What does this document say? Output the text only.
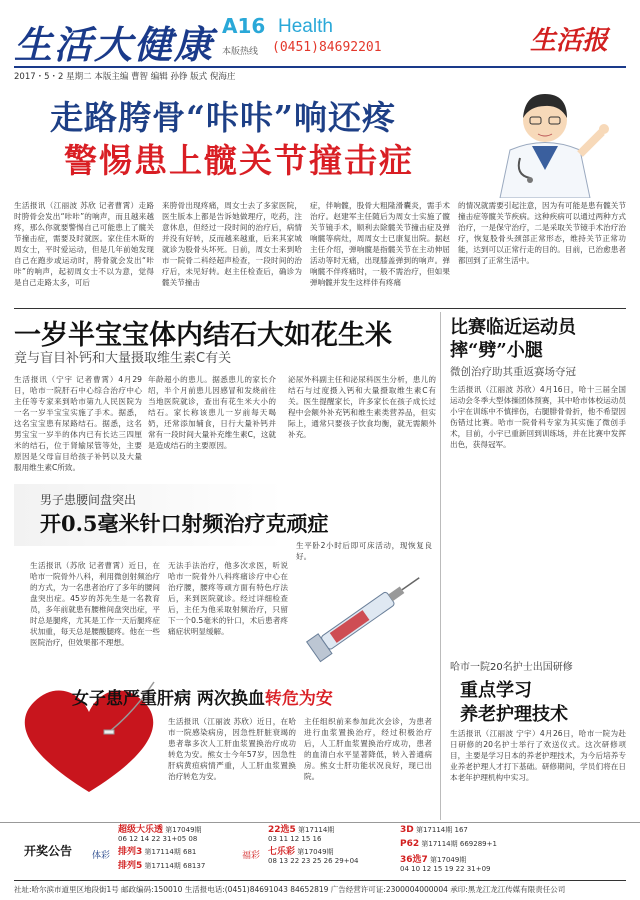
生活大健康 A16 Health
本版热线 (0451)84692201	生活报
2017・5・2 星期二 本版主编 曹智 编辑 孙铮 版式 倪海庄
走路胯骨“咔咔”响还疼
警惕患上髋关节撞击症
生活报讯（江丽波 苏欣 记者曹霄）走路时胯骨会发出“咔咔”的响声，而且越来越疼，那么你就要警惕自己可能患上了髋关节撞击症，需要及时就医。家住佳木斯的周女士，平时爱运动，但是几年前她发现自己在跑步或运动时，胯骨就会发出“咔咔”的响声，起初周女士不以为意，觉得是自己走路太多，可后
来胯骨出现疼痛，周女士去了多家医院，医生版本上都是告诉她做理疗，吃药，注意休息，但经过一段时间的治疗后，病情并没有好转，反而越来越重，后来其家城就诊为股骨头坏死。日前，周女士来到哈市一院骨二科经超声检查，一段时间的治疗后，未见好转。赵主任检查后，确诊为髋关节撞击
症，伴响髋，股骨大粗隆滑囊炎，需手术治疗。赵建军主任随后为周女士实施了髋关节镜手术，顺利去除髋关节撞击症及弹响髋等病灶，周周女士已康复出院。据赵主任介绍，弹响髋是指髋关节在主动伸屈活动等时无痛，出现膝盖弹到的响声。弹响髋不伴疼痛时，一般不需治疗，但如果弹响髋并发生这样伴有疼痛
的情况就需要引起注意，因为有可能是患有髋关节撞击症等髋关节疾病。这种疾病可以通过两种方式治疗，一是保守治疗，二是采取关节镜手术治疗治疗，恢复股骨头颈部正常形态，维持关节正常功能，达到可以正常行走的目的。目前，已治愈患者都回到了正常生活中。
一岁半宝宝体内结石大如花生米
竟与盲目补钙和大量摄取维生素C有关
生活报讯（宁宇 记者曹霄）4月29日，哈市一院肝石中心综合治疗中心主任等专家来到哈市第九人民医院为一名一岁半宝宝实施了手术。据悉，这名宝宝患有尿路结石。据悉，这名男宝宝一岁半的体内已有长达三四厘米的结石，位于肾输尿管等处，主要原因是父母盲目给孩子补钙以及大量服用维生素C所致。
年龄超小的患儿。据悉患儿的家长介绍，半个月前患儿因感冒和发烧前往当地医院就诊，查出有花生米大小的结石。家长称该患儿一岁前每天喝奶，还常添加辅食，日行大量补钙并常有一段时间大量补充维生素C，这就是造成结石的主要原因。
泌尿外科副主任和泌尿科医生分析，患儿的结石与过度摄入钙和大量摄取维生素C有关。医生提醒家长，许多家长在孩子成长过程中会额外补充钙和维生素类营养品，但实际上，通常只要孩子饮食均衡，就无需额外补充。
男子患腰间盘突出
开0.5毫米针口射频治疗克顽症
生活报讯（苏欣 记者曹霄）近日，在哈市一院骨外八科，利用微创射频治疗的方式，为一名患者治疗了多年的腰间盘突出症。45岁的苏先生是一名教育员，多年前就患有腰椎间盘突出症，平时总是腿疼，尤其是工作一天后腿疼症状加重，每天总是腰酸腿疼。他在一些医院治疗，但效果都不理想。
无法手法治疗，他多次求医，听说哈市一院骨外八科疼痛诊疗中心在治疗腰，腰疼等顽方面有特色疗法后，来到医院就诊。经过详细检查后，主任为他采取射频治疗，只留下一个0.5毫米的针口，术后患者疼痛症状明显缓解。
生平卧2小时后即可床活动，现恢复良好。
女子患严重肝病 两次换血转危为安
生活报讯（江丽波 苏欣）近日，在哈市一院感染病房，因急性肝脏衰竭的患者靠多次人工肝血浆置换治疗成功转危为安。熊女士今年57岁，因急性肝病黄疸病情严重，人工肝血浆置换治疗转危为安。
主任组织前来参加此次会诊，为患者进行血浆置换治疗，经过积极治疗后，人工肝血浆置换治疗成功，患者的血清白水平显著降低，转入普通病房。熊女士肝功能状况良好，现已出院。
比赛临近运动员摔“劈”小腿
微创治疗助其重返赛场夺冠
生活报讯（江丽波 苏欣）4月16日，哈十三届全国运动会冬季大型体操团体预赛，其中哈市体校运动员小宇在训练中不慎摔伤，右腿腓骨骨折，他不希望因伤错过比赛。哈市一院骨科专家为其实施了微创手术，目前，小宇已重新回到训练场，并在比赛中发挥出色，获得冠军。
哈市一院20名护士出国研修
重点学习
养老护理技术
生活报讯（江丽波 宁宇）4月26日，哈市一院为赴日研修的20名护士举行了欢送仪式。这次研修项目，主要是学习日本的养老护理技术，为今后培养专业养老护理人才打下基础。研修期间，学员们将在日本老年护理机构中实习。
开奖公告 体彩
超级大乐透 第17049期
06 12 14 22 31+05 08
排列3 第17114期 681
排列5 第17114期 68137
福彩
22选5 第17114期
03 11 12 15 16
七乐彩 第17049期
08 13 22 23 25 26 29+04
3D 第17114期 167
P62 第17114期 669289+1
36选7 第17049期
04 10 12 15 19 22 31+09
社址:哈尔滨市道里区地段街1号 邮政编码:150010 生活报电话:(0451)84691043 84652819 广告经营许可证:2300004000004 承印:黑龙江龙江传媒有限责任公司
